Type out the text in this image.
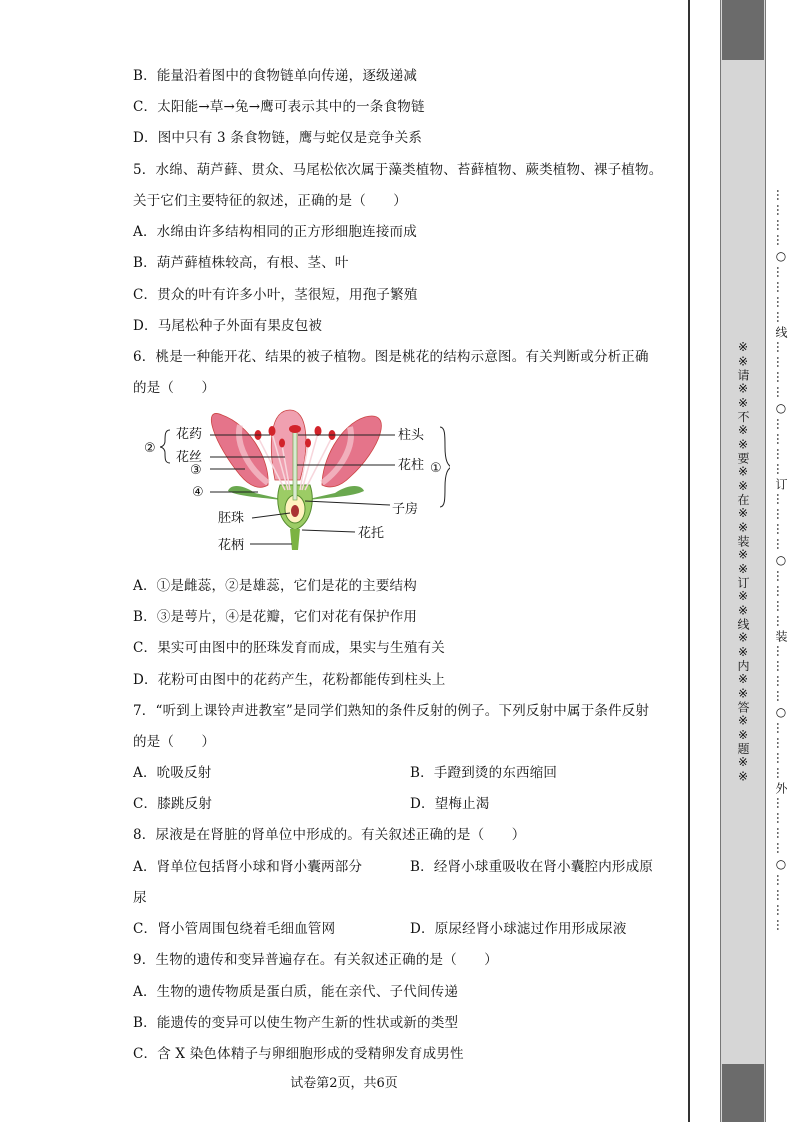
B．能量沿着图中的食物链单向传递，逐级递减
C．太阳能→草→兔→鹰可表示其中的一条食物链
D．图中只有 3 条食物链，鹰与蛇仅是竞争关系
5．水绵、葫芦藓、贯众、马尾松依次属于藻类植物、苔藓植物、蕨类植物、裸子植物。
关于它们主要特征的叙述，正确的是（　　）
A．水绵由许多结构相同的正方形细胞连接而成
B．葫芦藓植株较高，有根、茎、叶
C．贯众的叶有许多小叶，茎很短，用孢子繁殖
D．马尾松种子外面有果皮包被
6．桃是一种能开花、结果的被子植物。图是桃花的结构示意图。有关判断或分析正确
的是（　　）
②
花药
花丝
③
④
柱头
花柱
子房
胚珠
花托
花柄
①
A．①是雌蕊，②是雄蕊，它们是花的主要结构
B．③是萼片，④是花瓣，它们对花有保护作用
C．果实可由图中的胚珠发育而成，果实与生殖有关
D．花粉可由图中的花药产生，花粉都能传到柱头上
7．“听到上课铃声进教室”是同学们熟知的条件反射的例子。下列反射中属于条件反射
的是（　　）
A．吮吸反射	B．手蹬到烫的东西缩回
C．膝跳反射	D．望梅止渴
8．尿液是在肾脏的肾单位中形成的。有关叙述正确的是（　　）
A．肾单位包括肾小球和肾小囊两部分	B．经肾小球重吸收在肾小囊腔内形成原
尿
C．肾小管周围包绕着毛细血管网	D．原尿经肾小球滤过作用形成尿液
9．生物的遗传和变异普遍存在。有关叙述正确的是（　　）
A．生物的遗传物质是蛋白质，能在亲代、子代间传递
B．能遗传的变异可以使生物产生新的性状或新的类型
C．含 X 染色体精子与卵细胞形成的受精卵发育成男性
试卷第2页，共6页
※※请※※不※※要※※在※※装※※订※※线※※内※※答※※题※※	…………○…………线…………○…………订…………○…………装…………○…………外…………○…………
